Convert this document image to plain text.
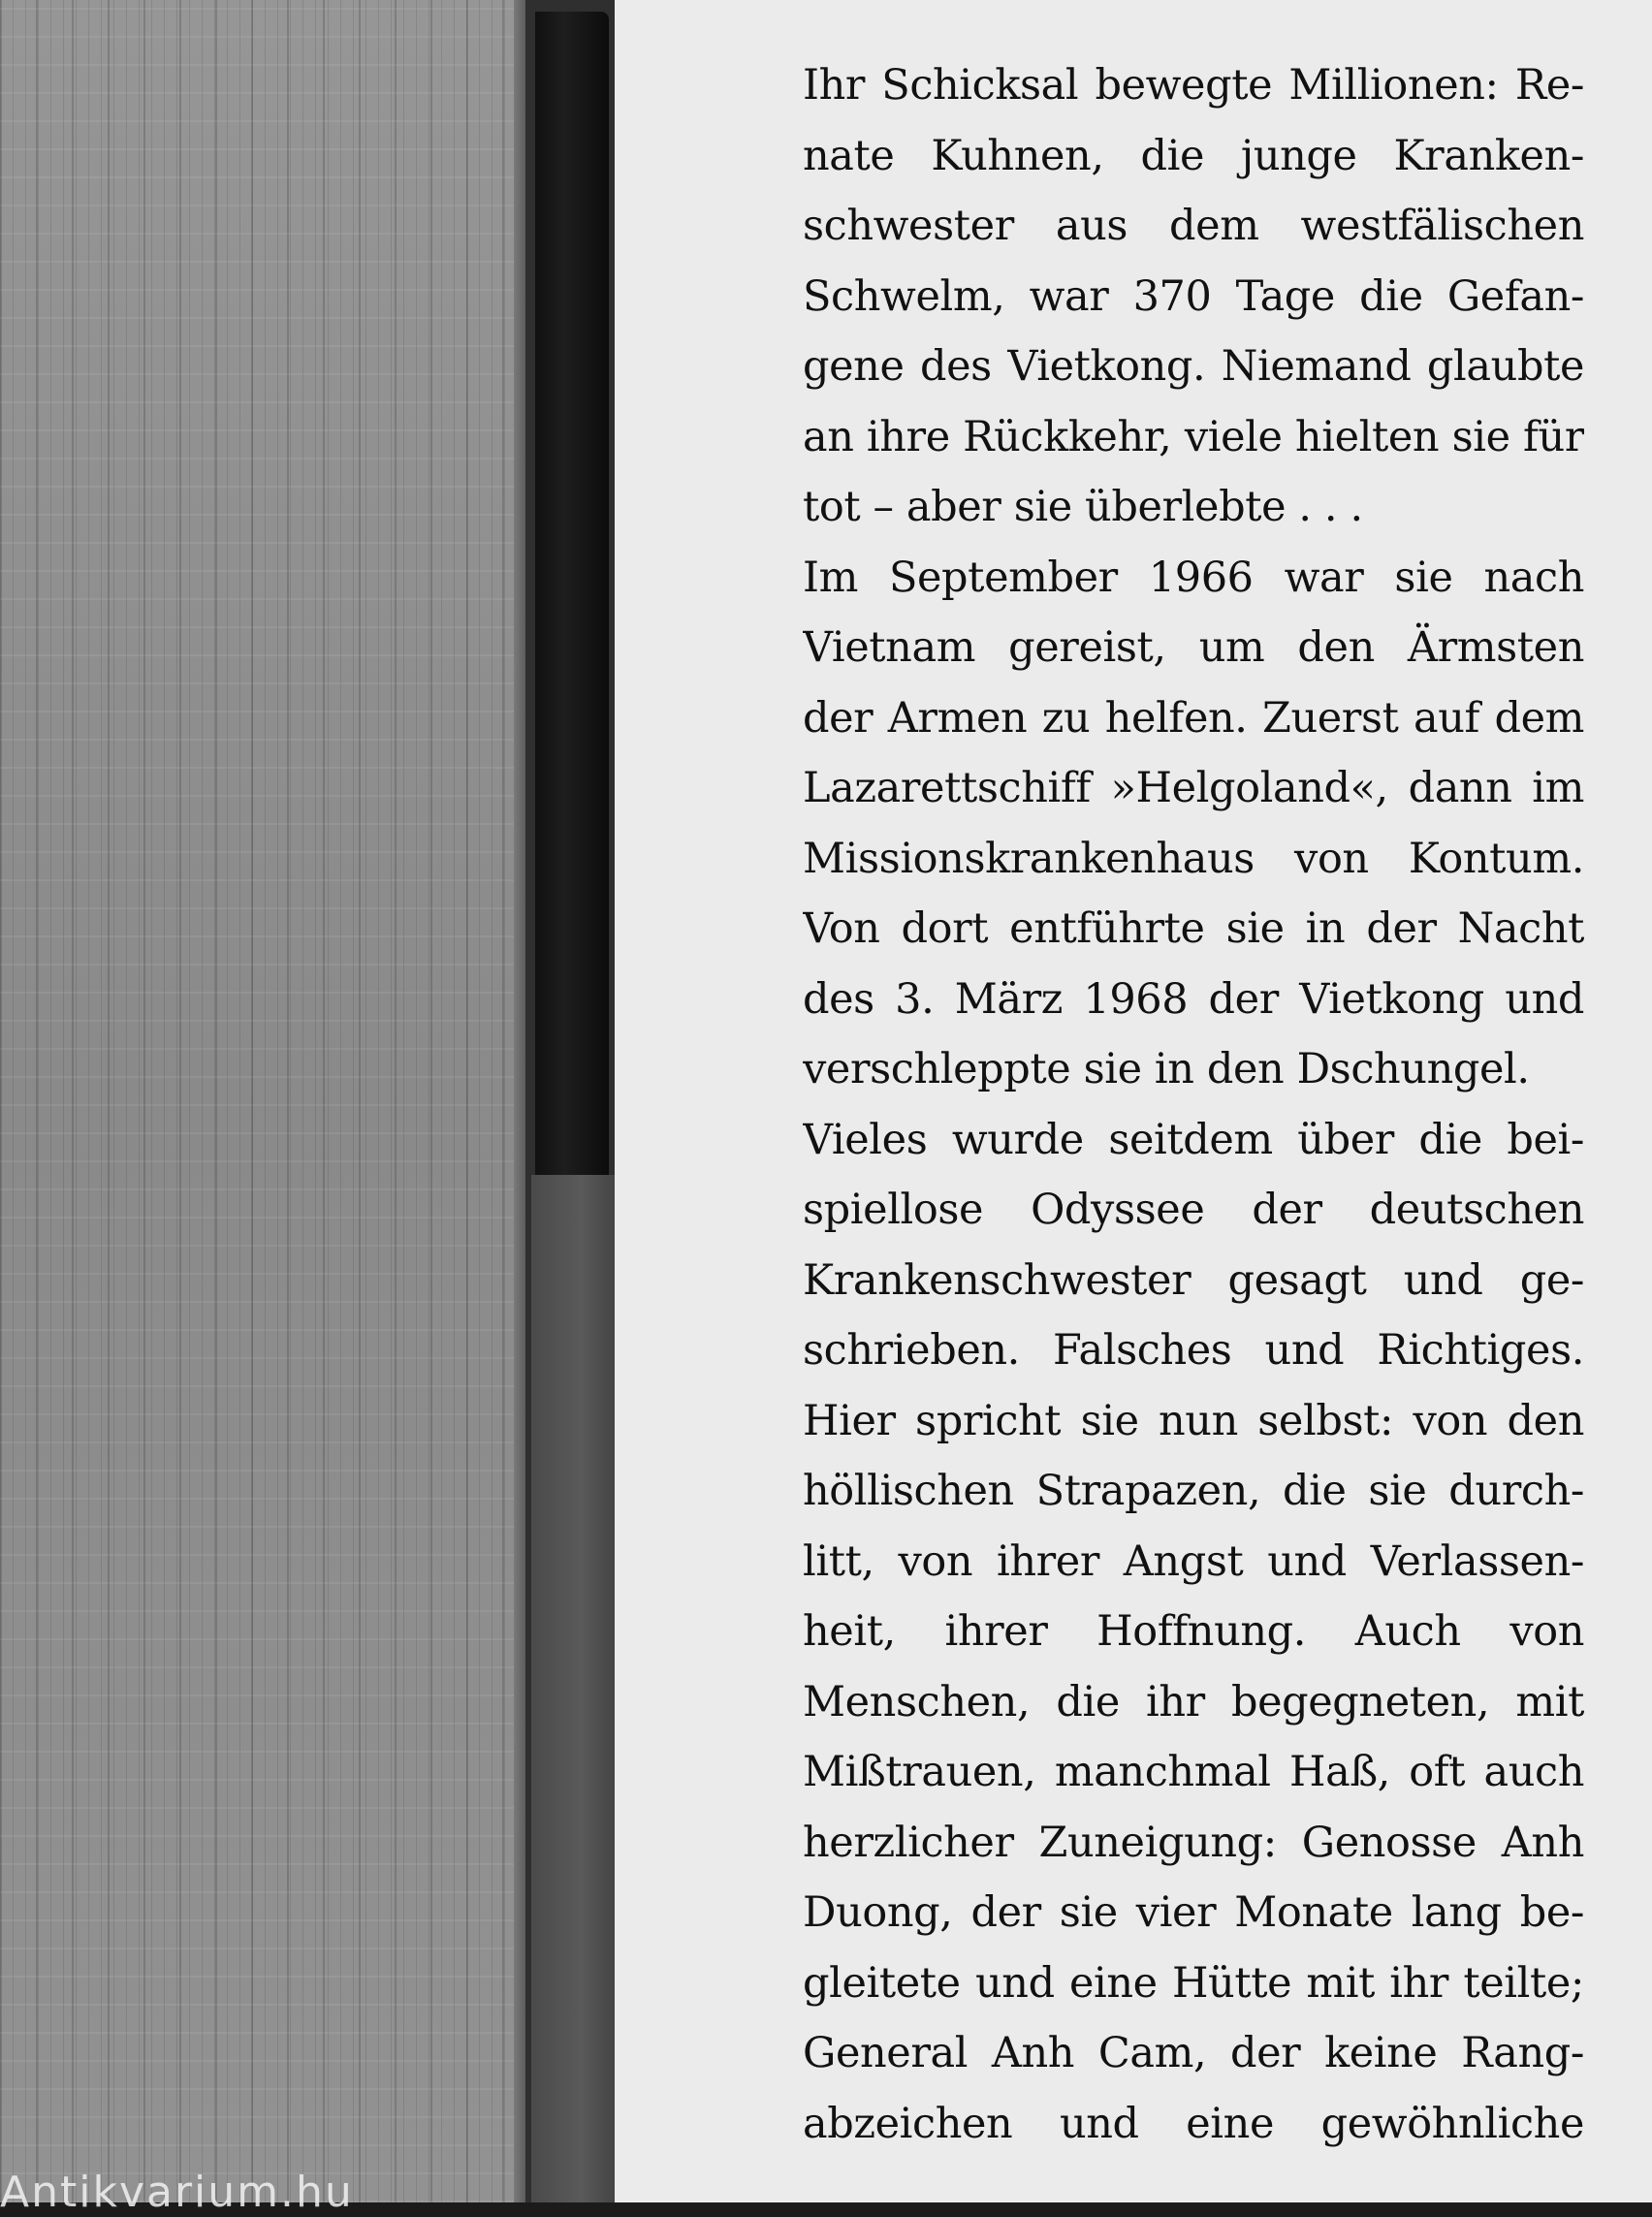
Ihr Schicksal bewegte Millionen: Re-
nate Kuhnen, die junge Kranken-
schwester aus dem westfälischen
Schwelm, war 370 Tage die Gefan-
gene des Vietkong. Niemand glaubte
an ihre Rückkehr, viele hielten sie für
tot – aber sie überlebte . . .
Im September 1966 war sie nach
Vietnam gereist, um den Ärmsten
der Armen zu helfen. Zuerst auf dem
Lazarettschiff »Helgoland«, dann im
Missionskrankenhaus von Kontum.
Von dort entführte sie in der Nacht
des 3. März 1968 der Vietkong und
verschleppte sie in den Dschungel.
Vieles wurde seitdem über die bei-
spiellose Odyssee der deutschen
Krankenschwester gesagt und ge-
schrieben. Falsches und Richtiges.
Hier spricht sie nun selbst: von den
höllischen Strapazen, die sie durch-
litt, von ihrer Angst und Verlassen-
heit, ihrer Hoffnung. Auch von
Menschen, die ihr begegneten, mit
Mißtrauen, manchmal Haß, oft auch
herzlicher Zuneigung: Genosse Anh
Duong, der sie vier Monate lang be-
gleitete und eine Hütte mit ihr teilte;
General Anh Cam, der keine Rang-
abzeichen und eine gewöhnliche
Antikvarium.hu
